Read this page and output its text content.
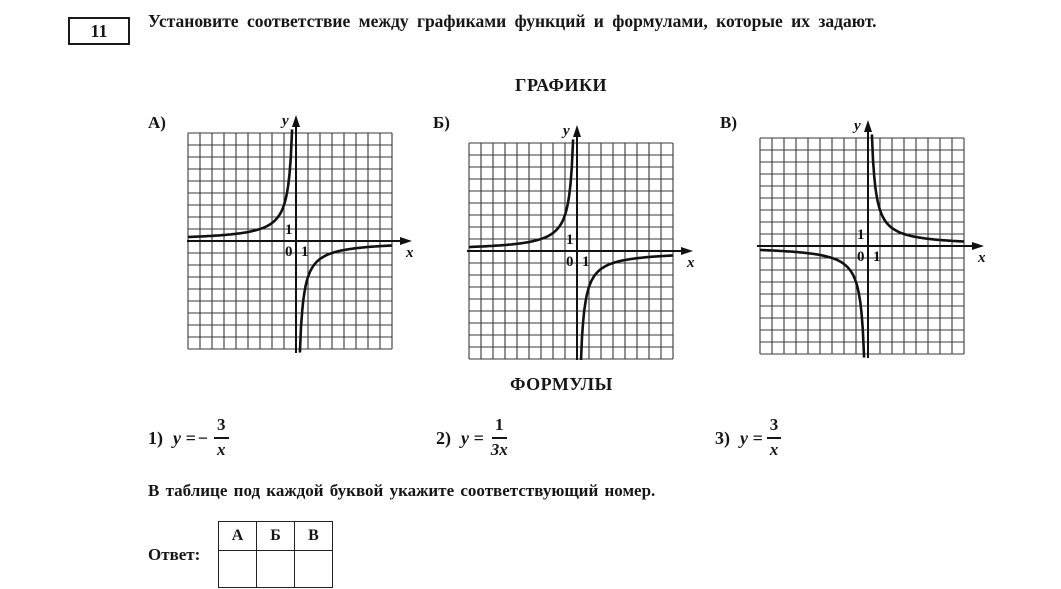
11 Установите соответствие между графиками функций и формулами, которые их задают.
ГРАФИКИ
А)	y
x
1
0 1
Б)	y
x
1
0 1
В)	y
x
1
0 1
ФОРМУЛЫ
1) y = − $\frac{3}{x}$	2) $y = \frac{1}{3x}$	3) $y = \frac{3}{x}$
В таблице под каждой буквой укажите соответствующий номер.
Ответ:
А	Б	В
